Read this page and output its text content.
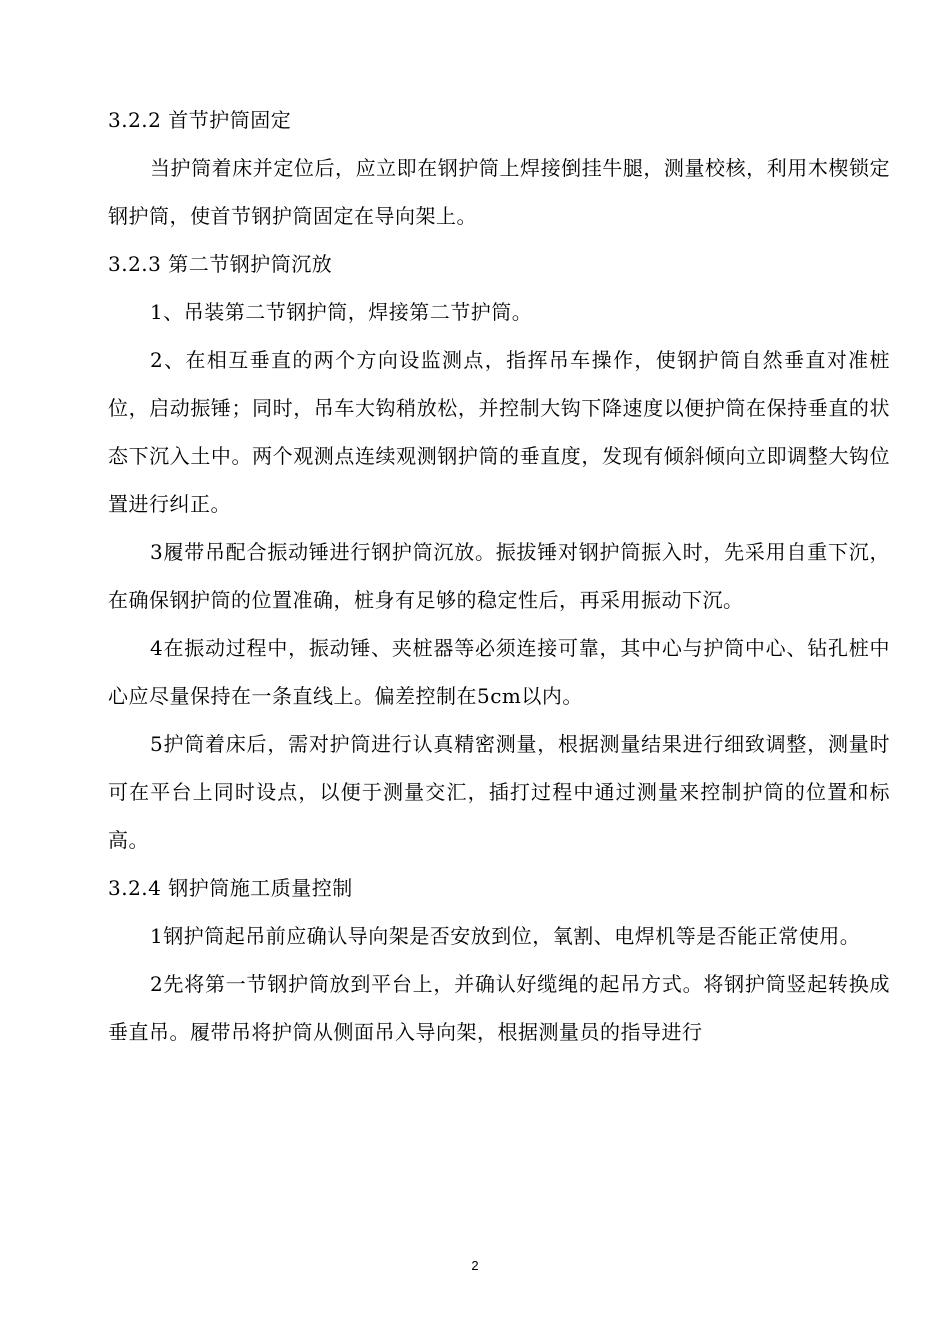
3.2.2 首节护筒固定

当护筒着床并定位后，应立即在钢护筒上焊接倒挂牛腿，测量校核，利用木楔锁定钢护筒，使首节钢护筒固定在导向架上。

3.2.3 第二节钢护筒沉放

1、吊装第二节钢护筒，焊接第二节护筒。

2、在相互垂直的两个方向设监测点，指挥吊车操作，使钢护筒自然垂直对准桩位，启动振锤；同时，吊车大钩稍放松，并控制大钩下降速度以便护筒在保持垂直的状态下沉入土中。两个观测点连续观测钢护筒的垂直度，发现有倾斜倾向立即调整大钩位置进行纠正。

3履带吊配合振动锤进行钢护筒沉放。振拔锤对钢护筒振入时，先采用自重下沉，在确保钢护筒的位置准确，桩身有足够的稳定性后，再采用振动下沉。

4在振动过程中，振动锤、夹桩器等必须连接可靠，其中心与护筒中心、钻孔桩中心应尽量保持在一条直线上。偏差控制在5cm以内。

5护筒着床后，需对护筒进行认真精密测量，根据测量结果进行细致调整，测量时可在平台上同时设点，以便于测量交汇，插打过程中通过测量来控制护筒的位置和标高。

3.2.4 钢护筒施工质量控制

1钢护筒起吊前应确认导向架是否安放到位，氧割、电焊机等是否能正常使用。

2先将第一节钢护筒放到平台上，并确认好缆绳的起吊方式。将钢护筒竖起转换成垂直吊。履带吊将护筒从侧面吊入导向架，根据测量员的指导进行

2
